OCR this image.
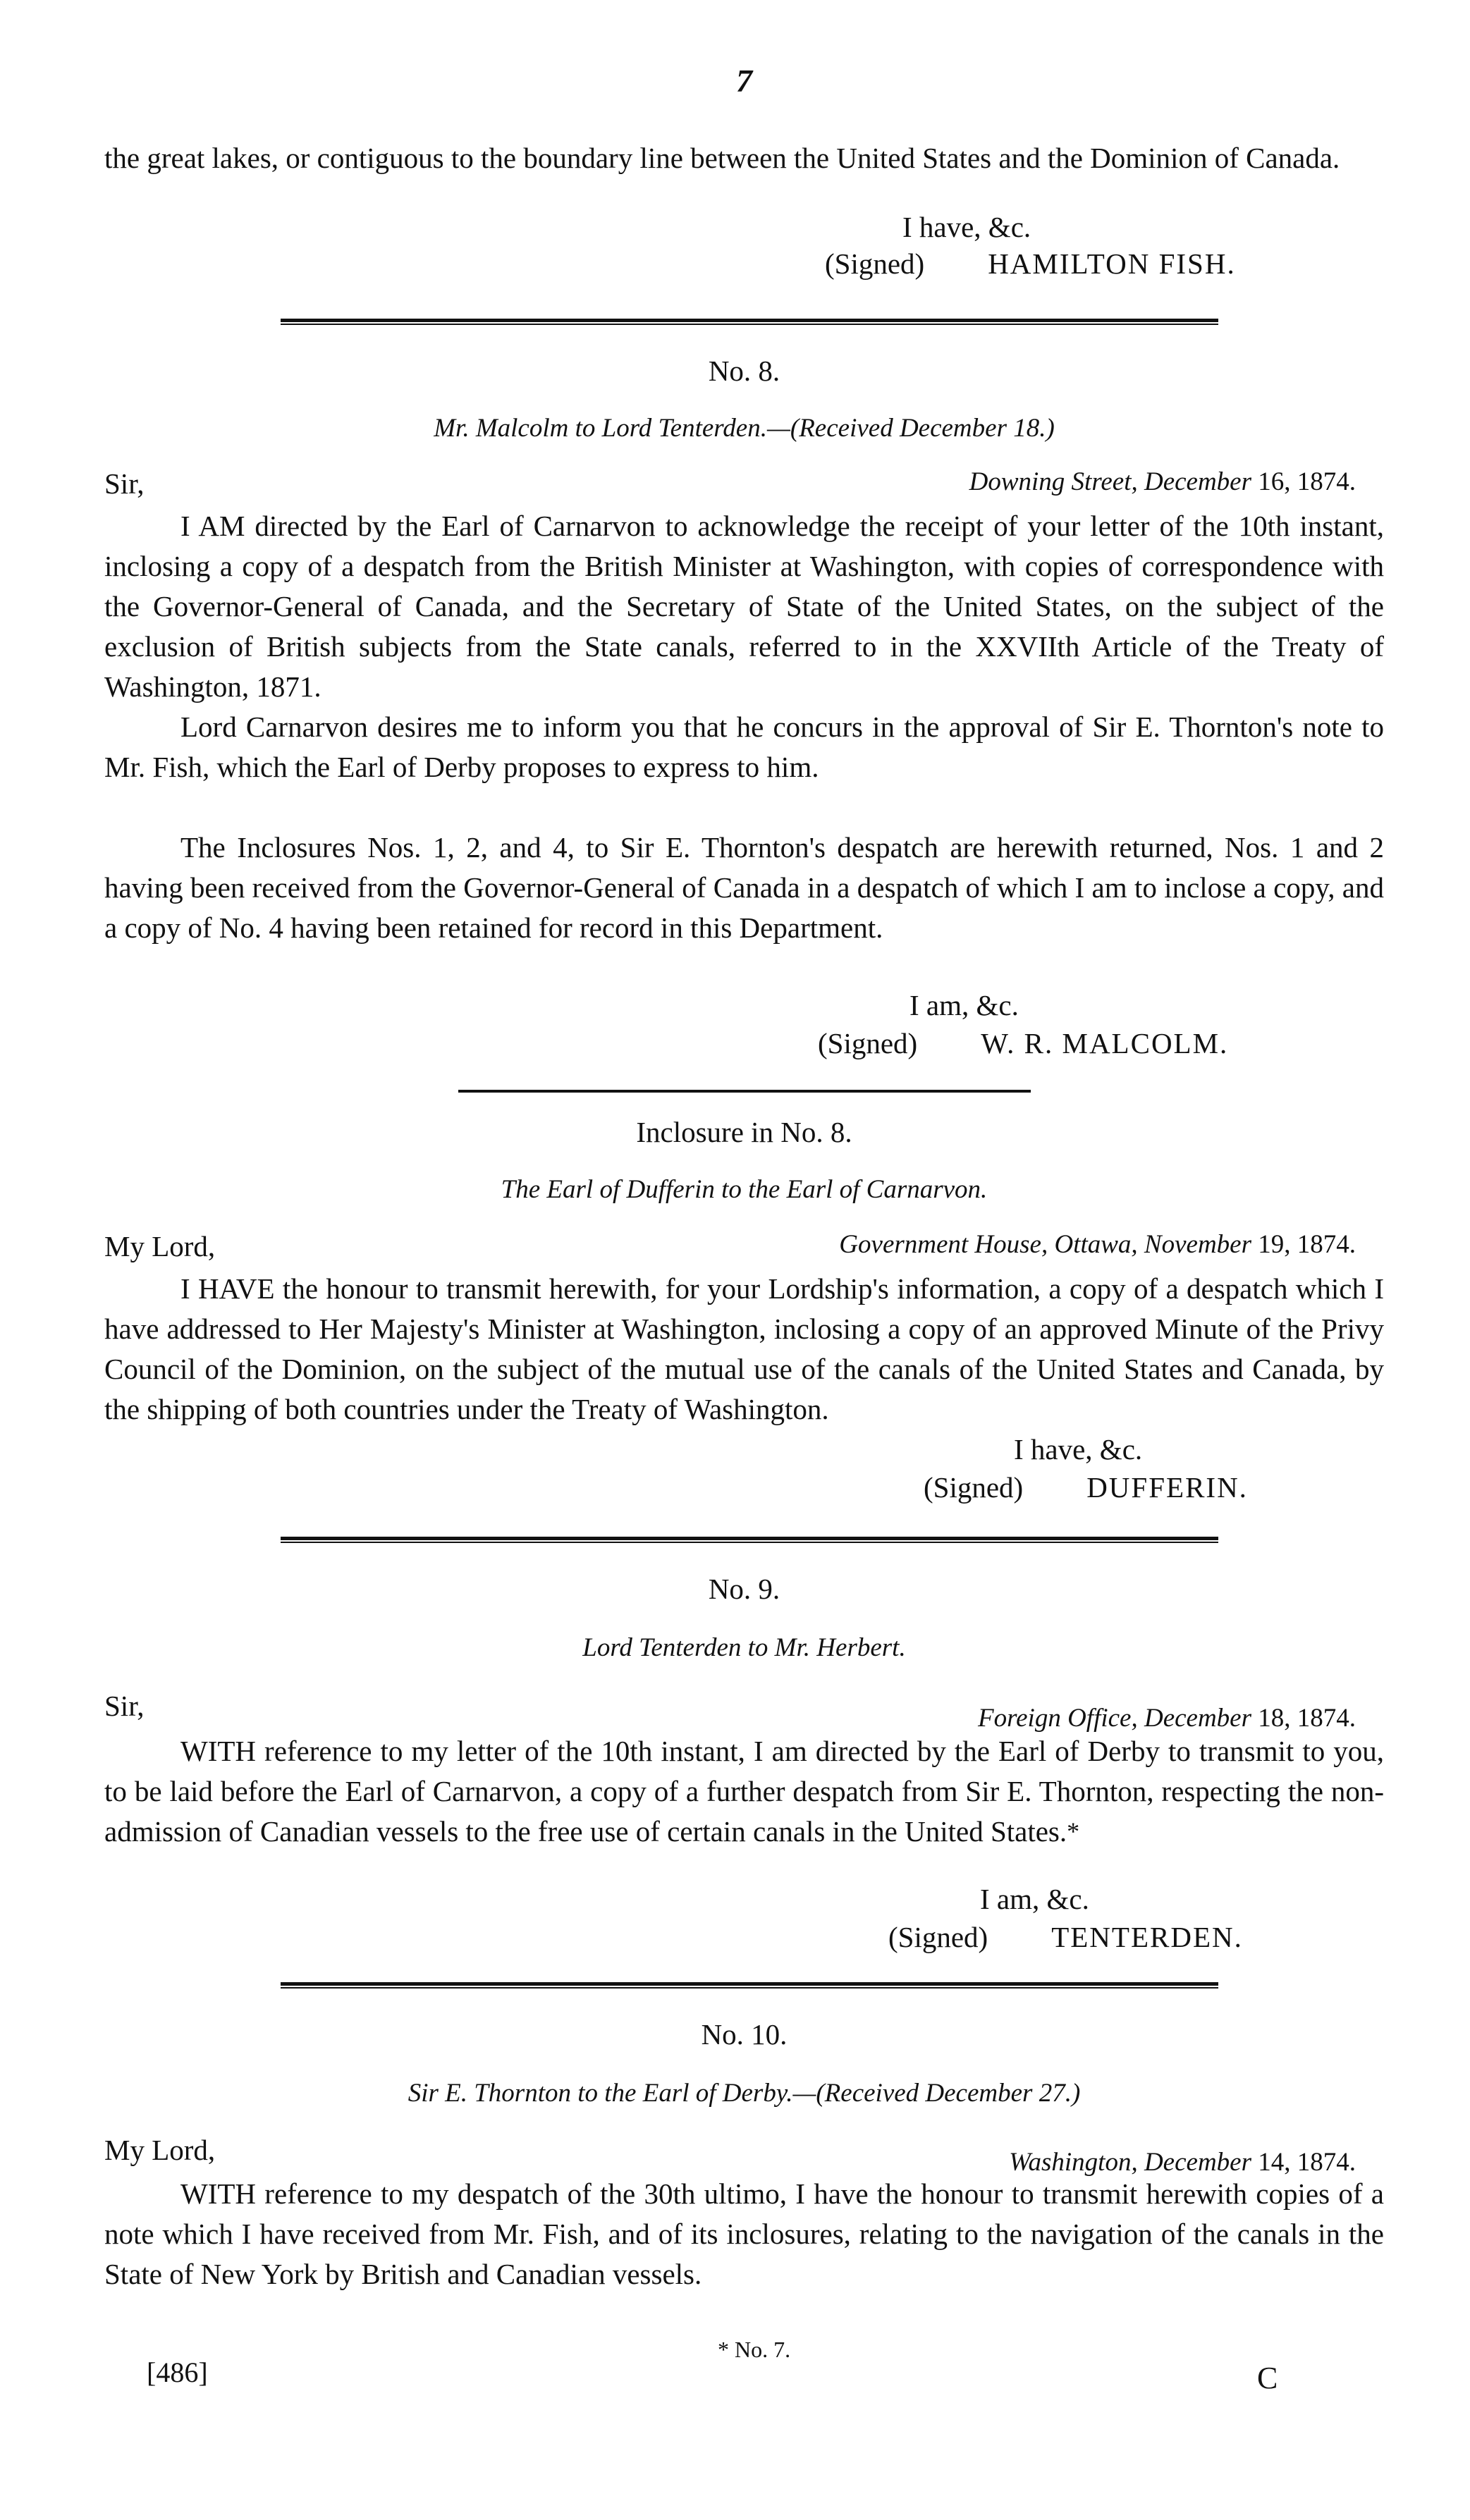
7

the great lakes, or contiguous to the boundary line between the United States and the Dominion of Canada.

I have, &c.
(Signed) HAMILTON FISH.
No. 8.
Mr. Malcolm to Lord Tenterden.—(Received December 18.)
Sir,	Downing Street, December 16, 1874.

I AM directed by the Earl of Carnarvon to acknowledge the receipt of your letter of the 10th instant, inclosing a copy of a despatch from the British Minister at Washington, with copies of correspondence with the Governor-General of Canada, and the Secretary of State of the United States, on the subject of the exclusion of British subjects from the State canals, referred to in the XXVIIth Article of the Treaty of Washington, 1871.

Lord Carnarvon desires me to inform you that he concurs in the approval of Sir E. Thornton's note to Mr. Fish, which the Earl of Derby proposes to express to him.

The Inclosures Nos. 1, 2, and 4, to Sir E. Thornton's despatch are herewith returned, Nos. 1 and 2 having been received from the Governor-General of Canada in a despatch of which I am to inclose a copy, and a copy of No. 4 having been retained for record in this Department.

I am, &c.
(Signed) W. R. MALCOLM.
Inclosure in No. 8.
The Earl of Dufferin to the Earl of Carnarvon.
My Lord,	Government House, Ottawa, November 19, 1874.

I HAVE the honour to transmit herewith, for your Lordship's information, a copy of a despatch which I have addressed to Her Majesty's Minister at Washington, inclosing a copy of an approved Minute of the Privy Council of the Dominion, on the subject of the mutual use of the canals of the United States and Canada, by the shipping of both countries under the Treaty of Washington.

I have, &c.
(Signed) DUFFERIN.
No. 9.
Lord Tenterden to Mr. Herbert.
Sir,	Foreign Office, December 18, 1874.

WITH reference to my letter of the 10th instant, I am directed by the Earl of Derby to transmit to you, to be laid before the Earl of Carnarvon, a copy of a further despatch from Sir E. Thornton, respecting the non-admission of Canadian vessels to the free use of certain canals in the United States.*

I am, &c.
(Signed) TENTERDEN.
No. 10.
Sir E. Thornton to the Earl of Derby.—(Received December 27.)
My Lord,	Washington, December 14, 1874.

WITH reference to my despatch of the 30th ultimo, I have the honour to transmit herewith copies of a note which I have received from Mr. Fish, and of its inclosures, relating to the navigation of the canals in the State of New York by British and Canadian vessels.

[486]
* No. 7.
C
